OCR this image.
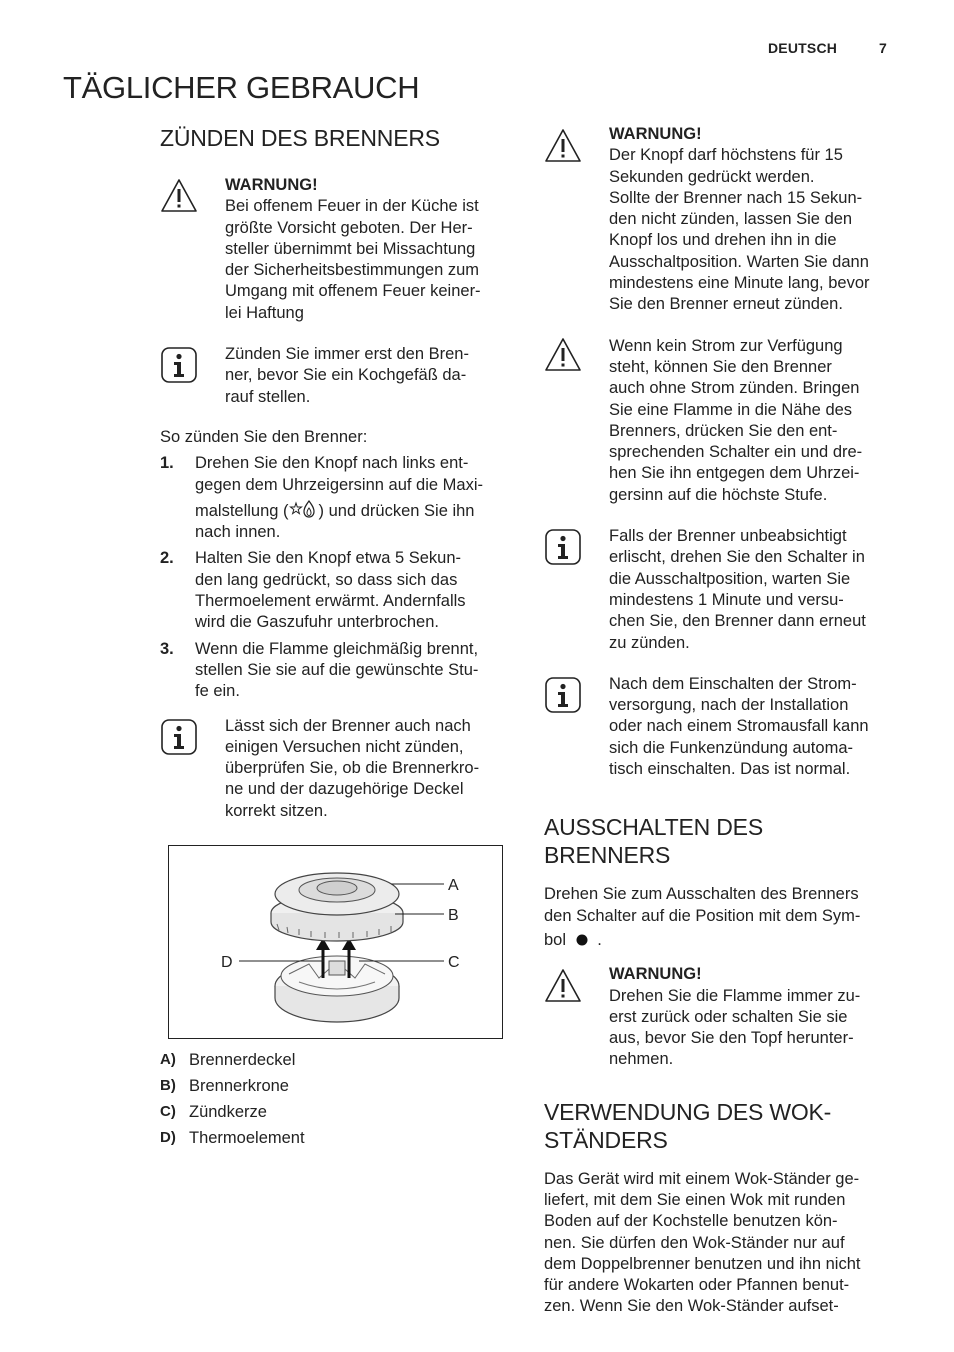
DEUTSCH	7
TÄGLICHER GEBRAUCH
ZÜNDEN DES BRENNERS
WARNUNG!
Bei offenem Feuer in der Küche ist
größte Vorsicht geboten. Der Her-
steller übernimmt bei Missachtung
der Sicherheitsbestimmungen zum
Umgang mit offenem Feuer keiner-
lei Haftung
Zünden Sie immer erst den Bren-
ner, bevor Sie ein Kochgefäß da-
rauf stellen.
So zünden Sie den Brenner:
1. Drehen Sie den Knopf nach links ent-
gegen dem Uhrzeigersinn auf die Maxi-
malstellung ( ) und drücken Sie ihn
nach innen.
2. Halten Sie den Knopf etwa 5 Sekun-
den lang gedrückt, so dass sich das
Thermoelement erwärmt. Andernfalls
wird die Gaszufuhr unterbrochen.
3. Wenn die Flamme gleichmäßig brennt,
stellen Sie sie auf die gewünschte Stu-
fe ein.
Lässt sich der Brenner auch nach
einigen Versuchen nicht zünden,
überprüfen Sie, ob die Brennerkro-
ne und der dazugehörige Deckel
korrekt sitzen.
A
B
C
D
A) Brennerdeckel
B) Brennerkrone
C) Zündkerze
D) Thermoelement
WARNUNG!
Der Knopf darf höchstens für 15
Sekunden gedrückt werden.
Sollte der Brenner nach 15 Sekun-
den nicht zünden, lassen Sie den
Knopf los und drehen ihn in die
Ausschaltposition. Warten Sie dann
mindestens eine Minute lang, bevor
Sie den Brenner erneut zünden.
Wenn kein Strom zur Verfügung
steht, können Sie den Brenner
auch ohne Strom zünden. Bringen
Sie eine Flamme in die Nähe des
Brenners, drücken Sie den ent-
sprechenden Schalter ein und dre-
hen Sie ihn entgegen dem Uhrzei-
gersinn auf die höchste Stufe.
Falls der Brenner unbeabsichtigt
erlischt, drehen Sie den Schalter in
die Ausschaltposition, warten Sie
mindestens 1 Minute und versu-
chen Sie, den Brenner dann erneut
zu zünden.
Nach dem Einschalten der Strom-
versorgung, nach der Installation
oder nach einem Stromausfall kann
sich die Funkenzündung automa-
tisch einschalten. Das ist normal.
AUSSCHALTEN DES
BRENNERS
Drehen Sie zum Ausschalten des Brenners
den Schalter auf die Position mit dem Sym-
bol .
WARNUNG!
Drehen Sie die Flamme immer zu-
erst zurück oder schalten Sie sie
aus, bevor Sie den Topf herunter-
nehmen.
VERWENDUNG DES WOK-
STÄNDERS
Das Gerät wird mit einem Wok-Ständer ge-
liefert, mit dem Sie einen Wok mit runden
Boden auf der Kochstelle benutzen kön-
nen. Sie dürfen den Wok-Ständer nur auf
dem Doppelbrenner benutzen und ihn nicht
für andere Wokarten oder Pfannen benut-
zen. Wenn Sie den Wok-Ständer aufset-
